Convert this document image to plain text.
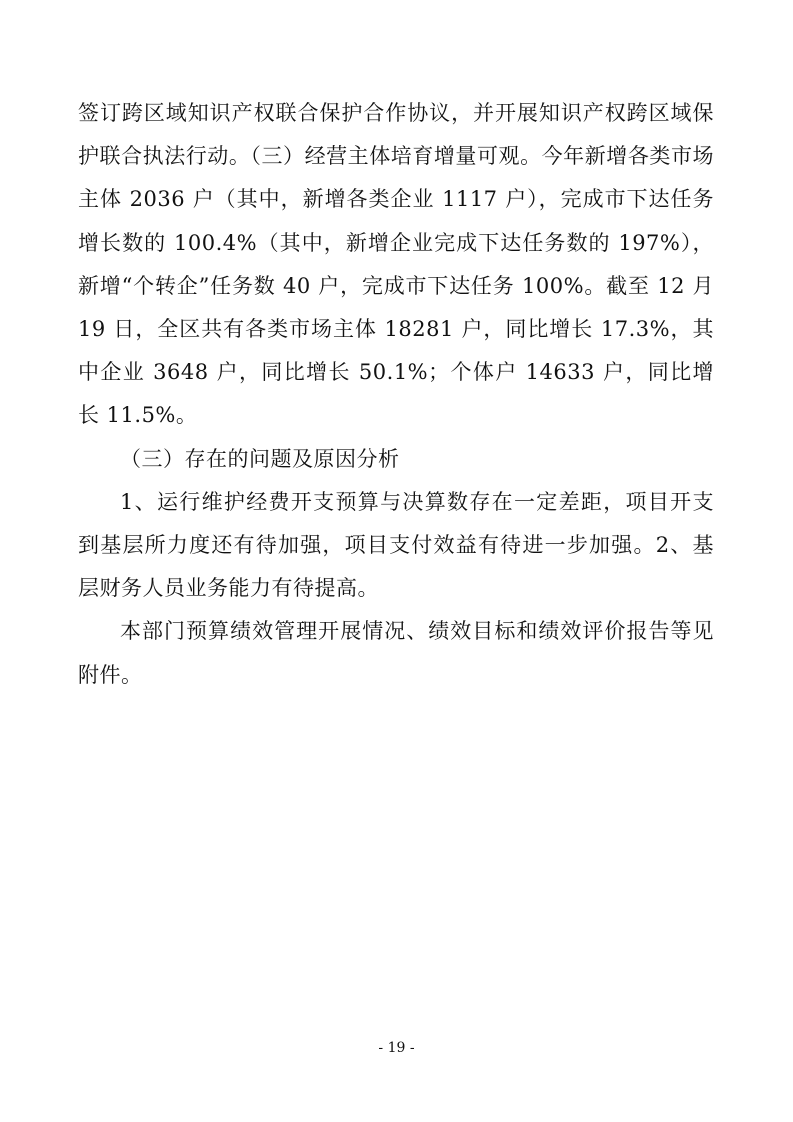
签订跨区域知识产权联合保护合作协议，并开展知识产权跨区域保护联合执法行动。（三）经营主体培育增量可观。今年新增各类市场主体 2036 户（其中，新增各类企业 1117 户），完成市下达任务增长数的 100.4%（其中，新增企业完成下达任务数的 197%），新增“个转企”任务数 40 户，完成市下达任务 100%。截至 12 月 19 日，全区共有各类市场主体 18281 户，同比增长 17.3%，其中企业 3648 户，同比增长 50.1%；个体户 14633 户，同比增长 11.5%。

（三）存在的问题及原因分析

1、运行维护经费开支预算与决算数存在一定差距，项目开支到基层所力度还有待加强，项目支付效益有待进一步加强。2、基层财务人员业务能力有待提高。

本部门预算绩效管理开展情况、绩效目标和绩效评价报告等见附件。

- 19 -
